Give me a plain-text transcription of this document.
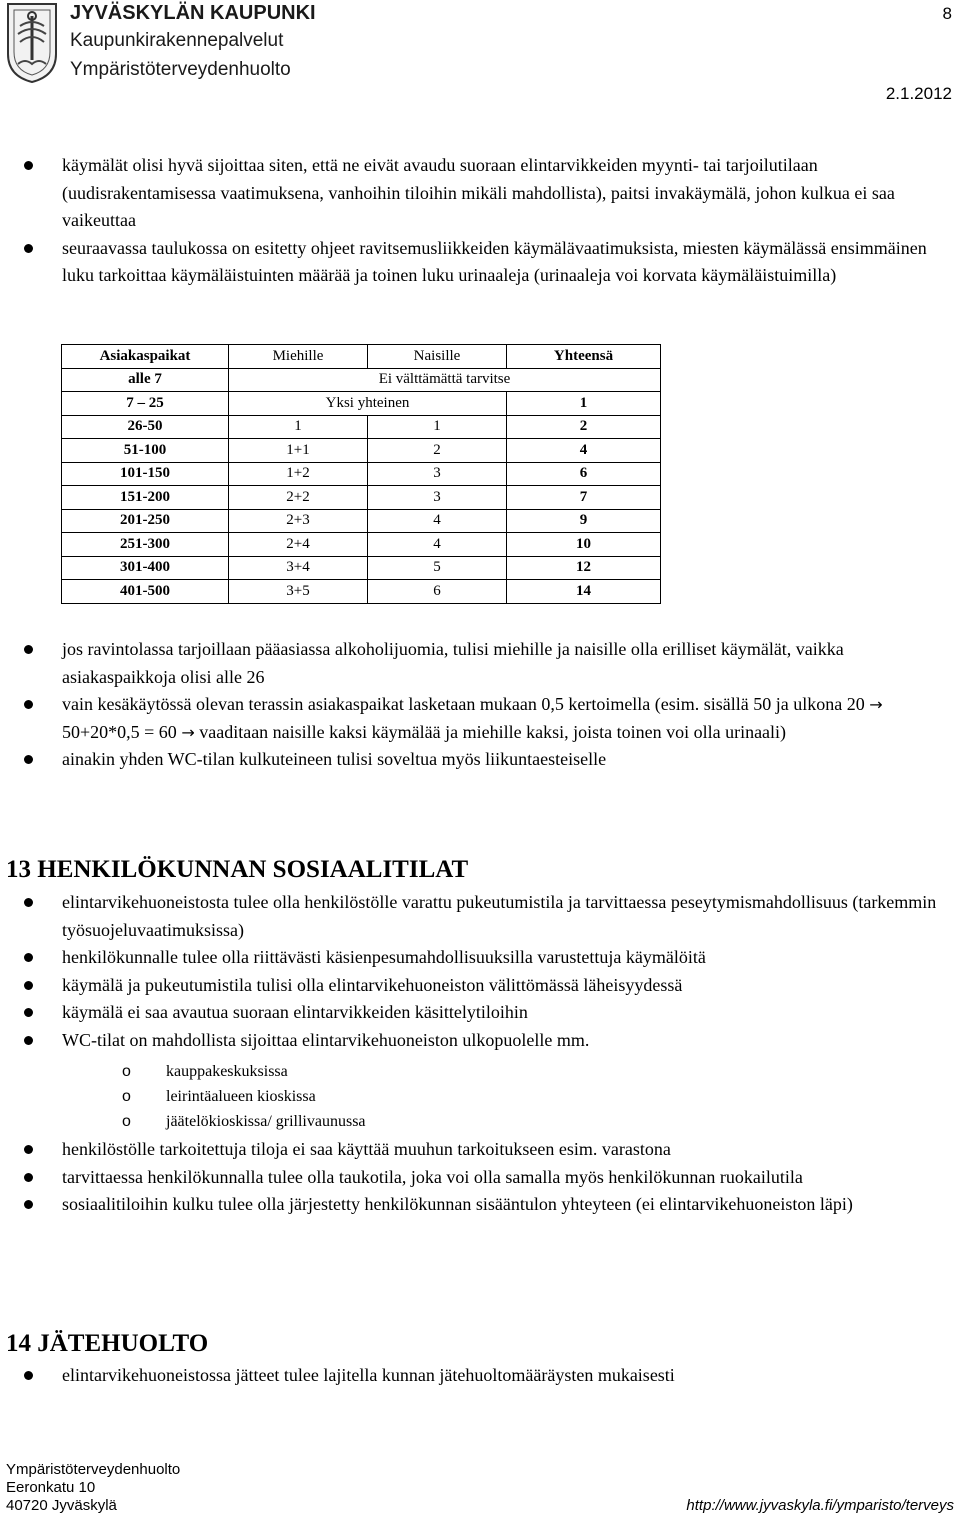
JYVÄSKYLÄN KAUPUNKI
Kaupunkirakennepalvelut
Ympäristöterveydenhuolto
8
2.1.2012
käymälät olisi hyvä sijoittaa siten, että ne eivät avaudu suoraan elintarvikkeiden myynti- tai tarjoilutilaan (uudisrakentamisessa vaatimuksena, vanhoihin tiloihin mikäli mahdollista), paitsi invakäymälä, johon kulkua ei saa vaikeuttaa
seuraavassa taulukossa on esitetty ohjeet ravitsemusliikkeiden käymälävaatimuksista, miesten käymälässä ensimmäinen luku tarkoittaa käymäläistuinten määrää ja toinen luku urinaaleja (urinaaleja voi korvata käymäläistuimilla)
Asiakaspaikat	Miehille	Naisille	Yhteensä
alle 7	Ei välttämättä tarvitse		
7 – 25	Yksi yhteinen		1
26-50	1	1	2
51-100	1+1	2	4
101-150	1+2	3	6
151-200	2+2	3	7
201-250	2+3	4	9
251-300	2+4	4	10
301-400	3+4	5	12
401-500	3+5	6	14
jos ravintolassa tarjoillaan pääasiassa alkoholijuomia, tulisi miehille ja naisille olla erilliset käymälät, vaikka asiakaspaikkoja olisi alle 26
vain kesäkäytössä olevan terassin asiakaspaikat lasketaan mukaan 0,5 kertoimella (esim. sisällä 50 ja ulkona 20 → 50+20*0,5 = 60 → vaaditaan naisille kaksi käymälää ja miehille kaksi, joista toinen voi olla urinaali)
ainakin yhden WC-tilan kulkuteineen tulisi soveltua myös liikuntaesteiselle
13 HENKILÖKUNNAN SOSIAALITILAT
elintarvikehuoneistosta tulee olla henkilöstölle varattu pukeutumistila ja tarvittaessa peseytymismahdollisuus (tarkemmin työsuojeluvaatimuksissa)
henkilökunnalle tulee olla riittävästi käsienpesumahdollisuuksilla varustettuja käymälöitä
käymälä ja pukeutumistila tulisi olla elintarvikehuoneiston välittömässä läheisyydessä
käymälä ei saa avautua suoraan elintarvikkeiden käsittelytiloihin
WC-tilat on mahdollista sijoittaa elintarvikehuoneiston ulkopuolelle mm.
o kauppakeskuksissa
o leirintäalueen kioskissa
o jäätelökioskissa/ grillivaunussa
henkilöstölle tarkoitettuja tiloja ei saa käyttää muuhun tarkoitukseen esim. varastona
tarvittaessa henkilökunnalla tulee olla taukotila, joka voi olla samalla myös henkilökunnan ruokailutila
sosiaalitiloihin kulku tulee olla järjestetty henkilökunnan sisääntulon yhteyteen (ei elintarvikehuoneiston läpi)
14 JÄTEHUOLTO
elintarvikehuoneistossa jätteet tulee lajitella kunnan jätehuoltomääräysten mukaisesti
Ympäristöterveydenhuolto
Eeronkatu 10
40720 Jyväskylä	http://www.jyvaskyla.fi/ymparisto/terveys
